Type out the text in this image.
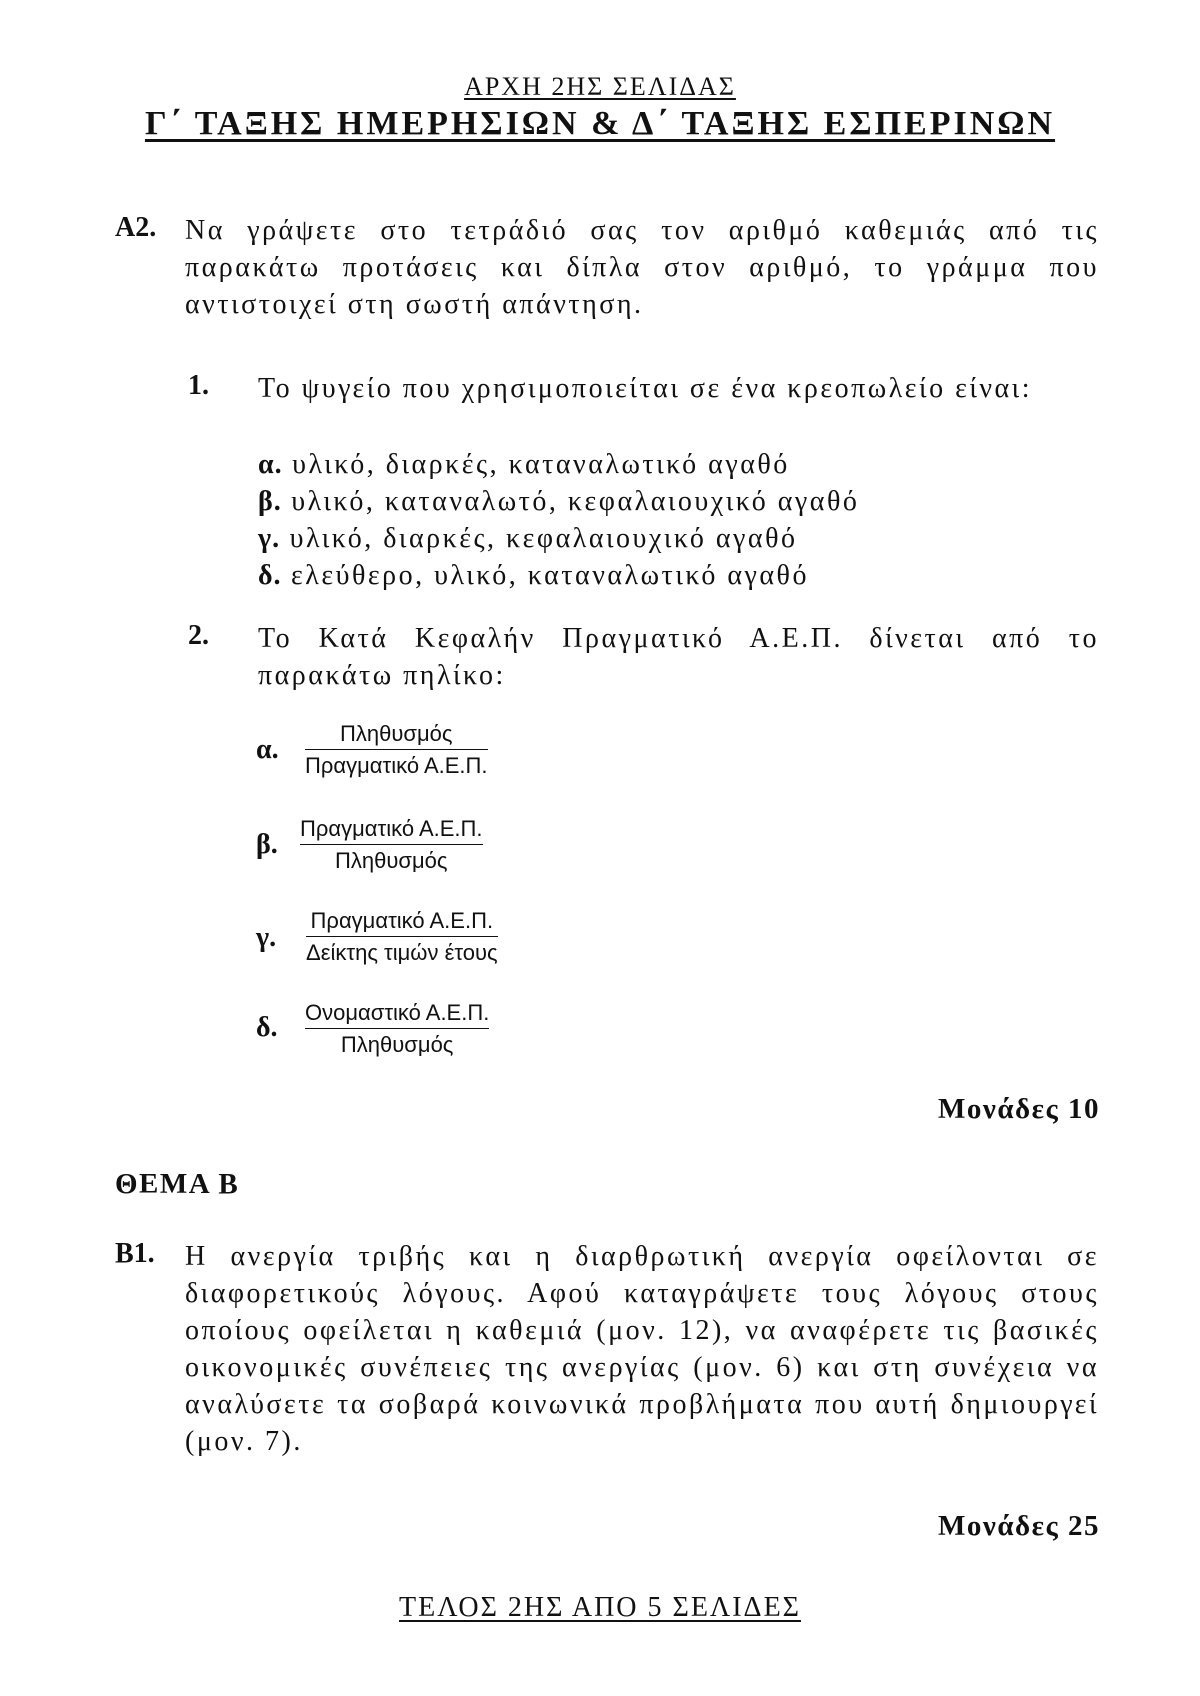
ΑΡΧΗ 2ΗΣ ΣΕΛΙΔΑΣ
Γ΄ ΤΑΞΗΣ ΗΜΕΡΗΣΙΩΝ & Δ΄ ΤΑΞΗΣ ΕΣΠΕΡΙΝΩΝ
Α2. Να γράψετε στο τετράδιό σας τον αριθμό καθεμιάς από τις παρακάτω προτάσεις και δίπλα στον αριθμό, το γράμμα που αντιστοιχεί στη σωστή απάντηση.
1. Το ψυγείο που χρησιμοποιείται σε ένα κρεοπωλείο είναι:
α. υλικό, διαρκές, καταναλωτικό αγαθό
β. υλικό, καταναλωτό, κεφαλαιουχικό αγαθό
γ. υλικό, διαρκές, κεφαλαιουχικό αγαθό
δ. ελεύθερο, υλικό, καταναλωτικό αγαθό
2. Το Κατά Κεφαλήν Πραγματικό Α.Ε.Π. δίνεται από το παρακάτω πηλίκο:
α.
Πληθυσμός
Πραγματικό Α.Ε.Π.
β.
Πραγματικό Α.Ε.Π.
Πληθυσμός
γ.
Πραγματικό Α.Ε.Π.
Δείκτης τιμών έτους
δ. Ονομαστικό Α.Ε.Π.
Πληθυσμός
Μονάδες 10
ΘΕΜΑ Β
Β1. Η ανεργία τριβής και η διαρθρωτική ανεργία οφείλονται σε διαφορετικούς λόγους. Αφού καταγράψετε τους λόγους στους οποίους οφείλεται η καθεμιά (μον. 12), να αναφέρετε τις βασικές οικονομικές συνέπειες της ανεργίας (μον. 6) και στη συνέχεια να αναλύσετε τα σοβαρά κοινωνικά προβλήματα που αυτή δημιουργεί (μον. 7).
Μονάδες 25
ΤΕΛΟΣ 2ΗΣ ΑΠΟ 5 ΣΕΛΙΔΕΣ
